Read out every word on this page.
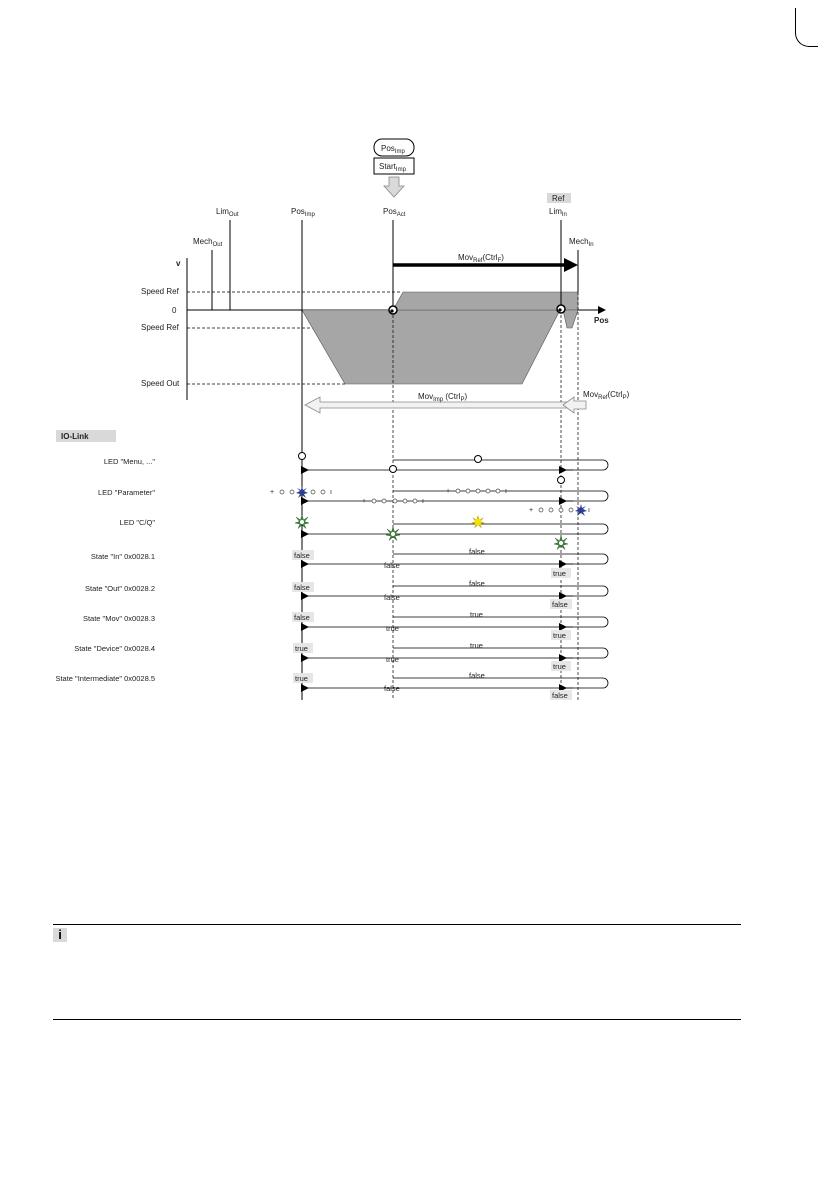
Pos$_{Imp}$
Start$_{Imp}$
Ref
Lim$_{Out}$
Mech$_{Out}$
Pos$_{Imp}$	Pos$_{Act}$	Lim$_{In}$
Mech$_{In}$
v
Pos
Speed Ref
0
Speed Ref
Speed Out
Mov$_{Ref}$(Ctrl$_F$)
Mov$_{Imp}$ (Ctrl$_P$)	Mov$_{Ref}$(Ctrl$_P$)
IO-Link
LED "Menu, ..."
LED "Parameter"
LED "C/Q"
State "In" 0x0028.1
State "Out" 0x0028.2
State "Mov" 0x0028.3
State "Device" 0x0028.4
State "Intermediate" 0x0028.5
+	ı
+	ı
+	ı
+	ı
false	false
false
true
false	false
false
false
false	true
true
true
true	true
true
true
true	false
false
false
i
